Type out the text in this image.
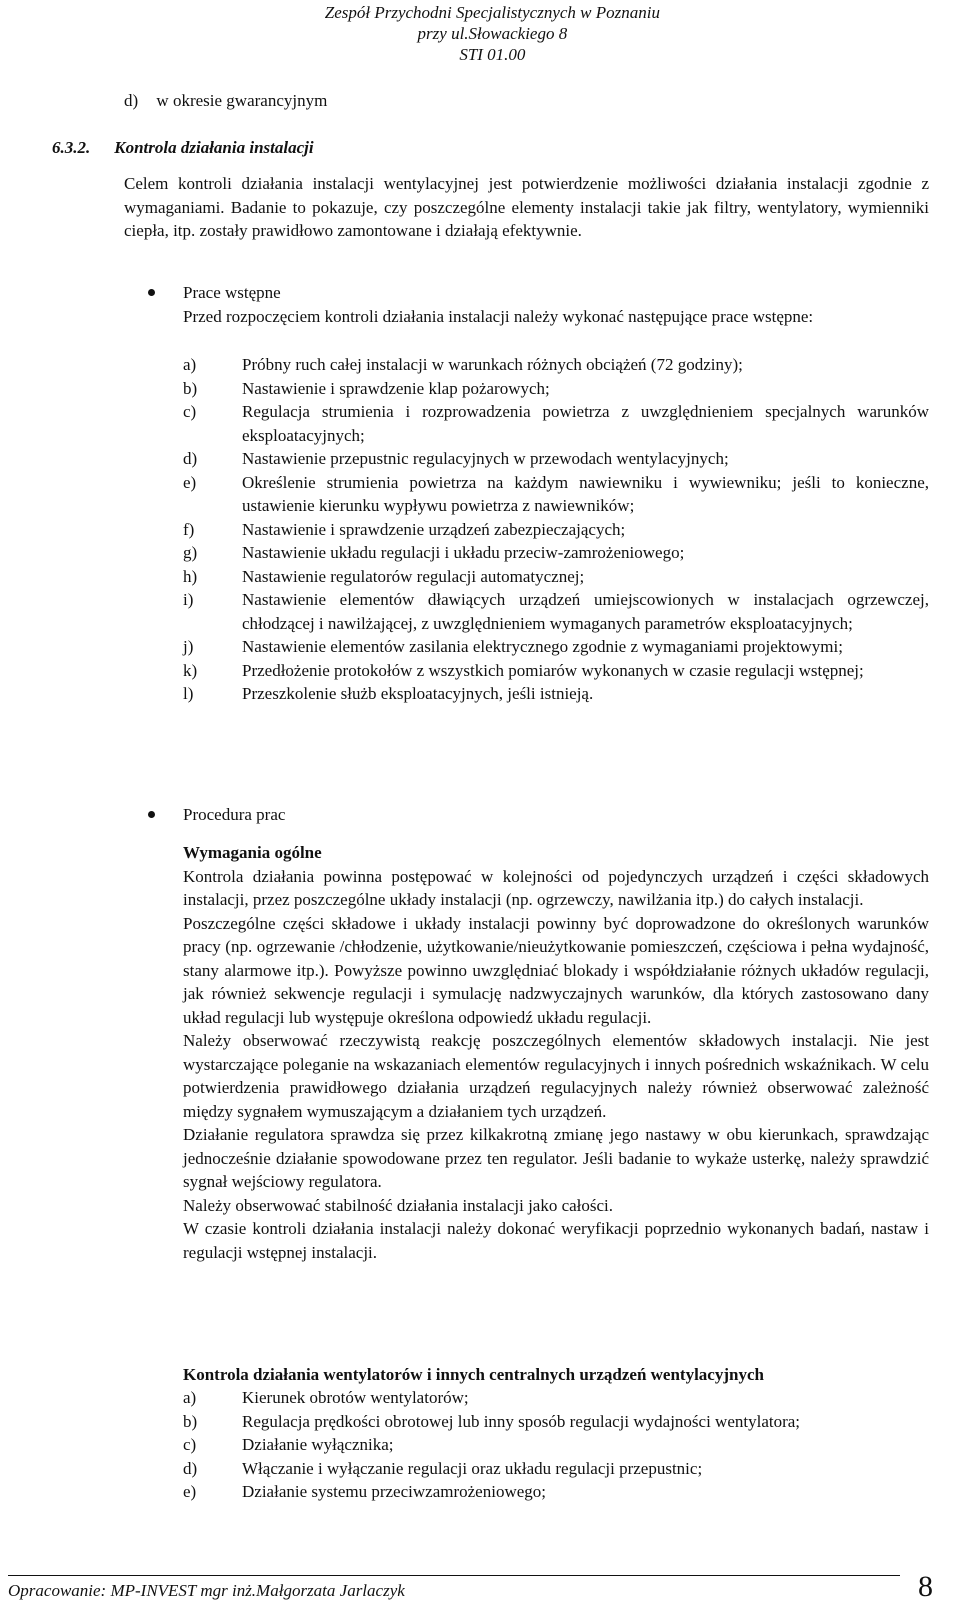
Zespół Przychodni Specjalistycznych w Poznaniu
przy ul.Słowackiego 8
STI 01.00
d) w okresie gwarancyjnym
6.3.2. Kontrola działania instalacji

Celem kontroli działania instalacji wentylacyjnej jest potwierdzenie możliwości działania instalacji zgodnie z wymaganiami. Badanie to pokazuje, czy poszczególne elementy instalacji takie jak filtry, wentylatory, wymienniki ciepła, itp. zostały prawidłowo zamontowane i działają efektywnie.

Prace wstępne

Przed rozpoczęciem kontroli działania instalacji należy wykonać następujące prace wstępne:

a)	Próbny ruch całej instalacji w warunkach różnych obciążeń (72 godziny);
b)	Nastawienie i sprawdzenie klap pożarowych;
c)	Regulacja strumienia i rozprowadzenia powietrza z uwzględnieniem specjalnych warunków eksploatacyjnych;
d)	Nastawienie przepustnic regulacyjnych w przewodach wentylacyjnych;
e)	Określenie strumienia powietrza na każdym nawiewniku i wywiewniku; jeśli to konieczne, ustawienie kierunku wypływu powietrza z nawiewników;
f)	Nastawienie i sprawdzenie urządzeń zabezpieczających;
g)	Nastawienie układu regulacji i układu przeciw-zamrożeniowego;
h)	Nastawienie regulatorów regulacji automatycznej;
i)	Nastawienie elementów dławiących urządzeń umiejscowionych w instalacjach ogrzewczej, chłodzącej i nawilżającej, z uwzględnieniem wymaganych parametrów eksploatacyjnych;
j)	Nastawienie elementów zasilania elektrycznego zgodnie z wymaganiami projektowymi;
k)	Przedłożenie protokołów z wszystkich pomiarów wykonanych w czasie regulacji wstępnej;
l)	Przeszkolenie służb eksploatacyjnych, jeśli istnieją.
Procedura prac
Wymagania ogólne

Kontrola działania powinna postępować w kolejności od pojedynczych urządzeń i części składowych instalacji, przez poszczególne układy instalacji (np. ogrzewczy, nawilżania itp.) do całych instalacji.

Poszczególne części składowe i układy instalacji powinny być doprowadzone do określonych warunków pracy (np. ogrzewanie /chłodzenie, użytkowanie/nieużytkowanie pomieszczeń, częściowa i pełna wydajność, stany alarmowe itp.). Powyższe powinno uwzględniać blokady i współdziałanie różnych układów regulacji, jak również sekwencje regulacji i symulację nadzwyczajnych warunków, dla których zastosowano dany układ regulacji lub występuje określona odpowiedź układu regulacji.

Należy obserwować rzeczywistą reakcję poszczególnych elementów składowych instalacji. Nie jest wystarczające poleganie na wskazaniach elementów regulacyjnych i innych pośrednich wskaźnikach. W celu potwierdzenia prawidłowego działania urządzeń regulacyjnych należy również obserwować zależność między sygnałem wymuszającym a działaniem tych urządzeń.

Działanie regulatora sprawdza się przez kilkakrotną zmianę jego nastawy w obu kierunkach, sprawdzając jednocześnie działanie spowodowane przez ten regulator. Jeśli badanie to wykaże usterkę, należy sprawdzić sygnał wejściowy regulatora.

Należy obserwować stabilność działania instalacji jako całości.

W czasie kontroli działania instalacji należy dokonać weryfikacji poprzednio wykonanych badań, nastaw i regulacji wstępnej instalacji.

Kontrola działania wentylatorów i innych centralnych urządzeń wentylacyjnych
a)	Kierunek obrotów wentylatorów;
b)	Regulacja prędkości obrotowej lub inny sposób regulacji wydajności wentylatora;
c)	Działanie wyłącznika;
d)	Włączanie i wyłączanie regulacji oraz układu regulacji przepustnic;
e)	Działanie systemu przeciwzamrożeniowego;
Opracowanie: MP-INVEST mgr inż.Małgorzata Jarlaczyk	8
